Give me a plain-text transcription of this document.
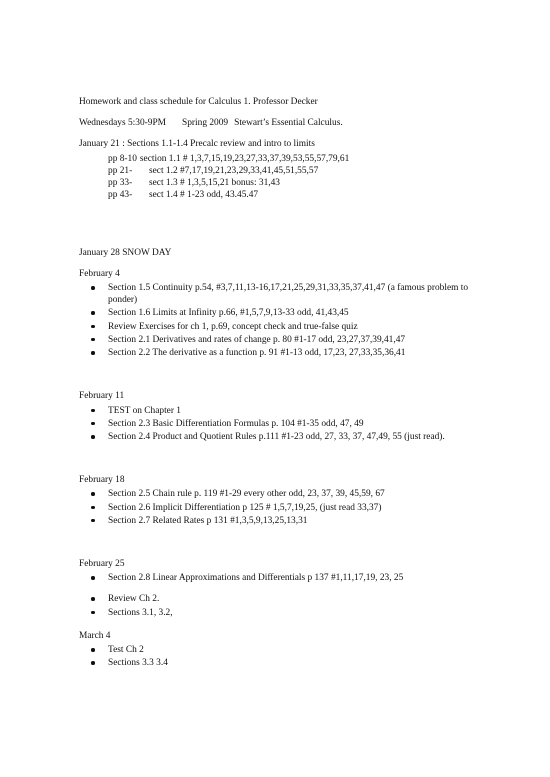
Homework and class schedule for Calculus 1. Professor Decker

Wednesdays 5:30-9PM Spring 2009 Stewart’s Essential Calculus.

January 21 : Sections 1.1-1.4 Precalc review and intro to limits

pp 8-10 section 1.1 # 1,3,7,15,19,23,27,33,37,39,53,55,57,79,61
pp 21-	sect 1.2 #7,17,19,21,23,29,33,41,45,51,55,57
pp 33-	sect 1.3 # 1,3,5,15,21 bonus: 31,43
pp 43-	sect 1.4 # 1-23 odd, 43.45.47

January 28 SNOW DAY

February 4

Section 1.5 Continuity p.54, #3,7,11,13-16,17,21,25,29,31,33,35,37,41,47 (a famous problem to ponder)
Section 1.6 Limits at Infinity p.66, #1,5,7,9,13-33 odd, 41,43,45
Review Exercises for ch 1, p.69, concept check and true-false quiz
Section 2.1 Derivatives and rates of change p. 80 #1-17 odd, 23,27,37,39,41,47
Section 2.2 The derivative as a function p. 91 #1-13 odd, 17,23, 27,33,35,36,41

February 11

TEST on Chapter 1
Section 2.3 Basic Differentiation Formulas p. 104 #1-35 odd, 47, 49
Section 2.4 Product and Quotient Rules p.111 #1-23 odd, 27, 33, 37, 47,49, 55 (just read).

February 18

Section 2.5 Chain rule p. 119 #1-29 every other odd, 23, 37, 39, 45,59, 67
Section 2.6 Implicit Differentiation p 125 # 1,5,7,19,25, (just read 33,37)
Section 2.7 Related Rates p 131 #1,3,5,9,13,25,13,31

February 25

Section 2.8 Linear Approximations and Differentials p 137 #1,11,17,19, 23, 25
Review Ch 2.
Sections 3.1, 3.2,

March 4

Test Ch 2
Sections 3.3 3.4
